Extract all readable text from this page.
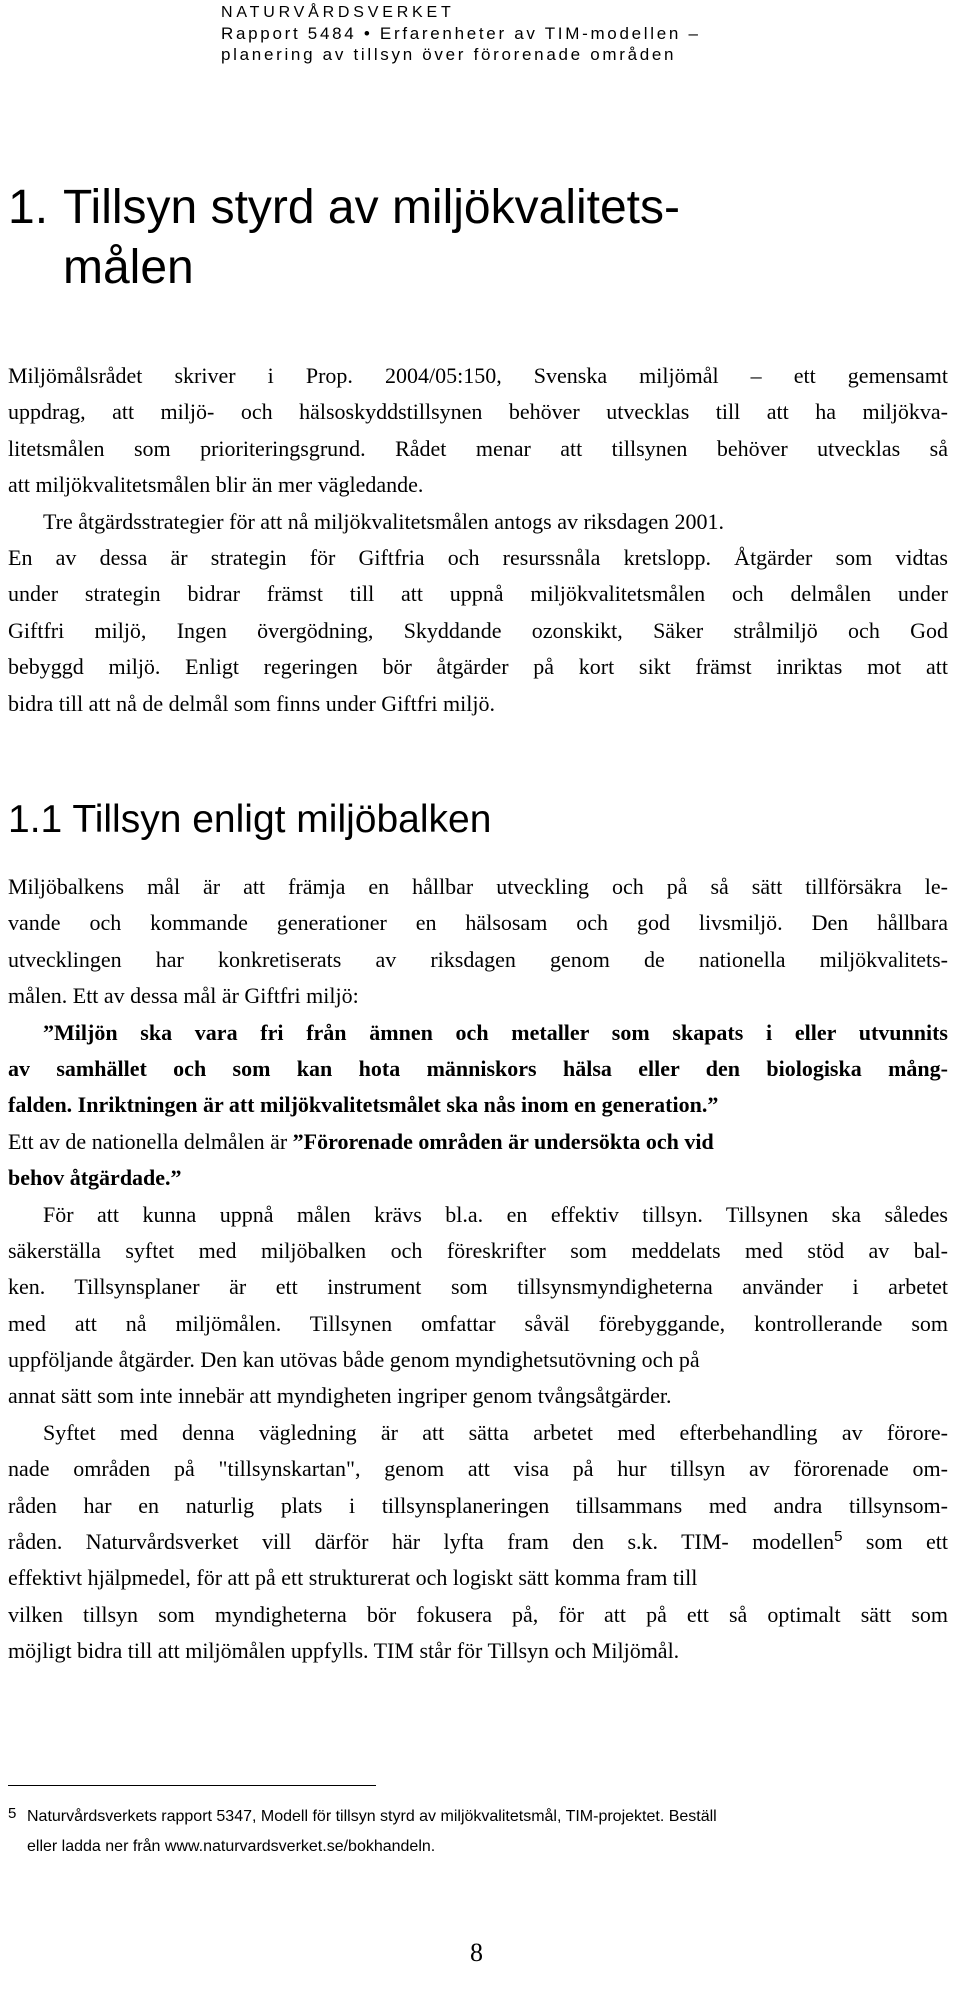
NATURVÅRDSVERKET
Rapport 5484 • Erfarenheter av TIM-modellen –
planering av tillsyn över förorenade områden
1. Tillsyn styrd av miljökvalitets-
målen
Miljömålsrådet skriver i Prop. 2004/05:150, Svenska miljömål – ett gemensamt
uppdrag, att miljö- och hälsoskyddstillsynen behöver utvecklas till att ha miljökva-
litetsmålen som prioriteringsgrund. Rådet menar att tillsynen behöver utvecklas så
att miljökvalitetsmålen blir än mer vägledande.
Tre åtgärdsstrategier för att nå miljökvalitetsmålen antogs av riksdagen 2001.
En av dessa är strategin för Giftfria och resurssnåla kretslopp. Åtgärder som vidtas
under strategin bidrar främst till att uppnå miljökvalitetsmålen och delmålen under
Giftfri miljö, Ingen övergödning, Skyddande ozonskikt, Säker strålmiljö och God
bebyggd miljö. Enligt regeringen bör åtgärder på kort sikt främst inriktas mot att
bidra till att nå de delmål som finns under Giftfri miljö.
1.1 Tillsyn enligt miljöbalken
Miljöbalkens mål är att främja en hållbar utveckling och på så sätt tillförsäkra le-
vande och kommande generationer en hälsosam och god livsmiljö. Den hållbara
utvecklingen har konkretiserats av riksdagen genom de nationella miljökvalitets-
målen. Ett av dessa mål är Giftfri miljö:
”Miljön ska vara fri från ämnen och metaller som skapats i eller utvunnits
av samhället och som kan hota människors hälsa eller den biologiska mång-
falden. Inriktningen är att miljökvalitetsmålet ska nås inom en generation.”
Ett av de nationella delmålen är ”Förorenade områden är undersökta och vid
behov åtgärdade.”
För att kunna uppnå målen krävs bl.a. en effektiv tillsyn. Tillsynen ska således
säkerställa syftet med miljöbalken och föreskrifter som meddelats med stöd av bal-
ken. Tillsynsplaner är ett instrument som tillsynsmyndigheterna använder i arbetet
med att nå miljömålen. Tillsynen omfattar såväl förebyggande, kontrollerande som
uppföljande åtgärder. Den kan utövas både genom myndighetsutövning och på
annat sätt som inte innebär att myndigheten ingriper genom tvångsåtgärder.
Syftet med denna vägledning är att sätta arbetet med efterbehandling av förore-
nade områden på "tillsynskartan", genom att visa på hur tillsyn av förorenade om-
råden har en naturlig plats i tillsynsplaneringen tillsammans med andra tillsynsom-
råden. Naturvårdsverket vill därför här lyfta fram den s.k. TIM- modellen$^5$ som ett
effektivt hjälpmedel, för att på ett strukturerat och logiskt sätt komma fram till
vilken tillsyn som myndigheterna bör fokusera på, för att på ett så optimalt sätt som
möjligt bidra till att miljömålen uppfylls. TIM står för Tillsyn och Miljömål.
5 Naturvårdsverkets rapport 5347, Modell för tillsyn styrd av miljökvalitetsmål, TIM-projektet. Beställ
eller ladda ner från www.naturvardsverket.se/bokhandeln.
8
